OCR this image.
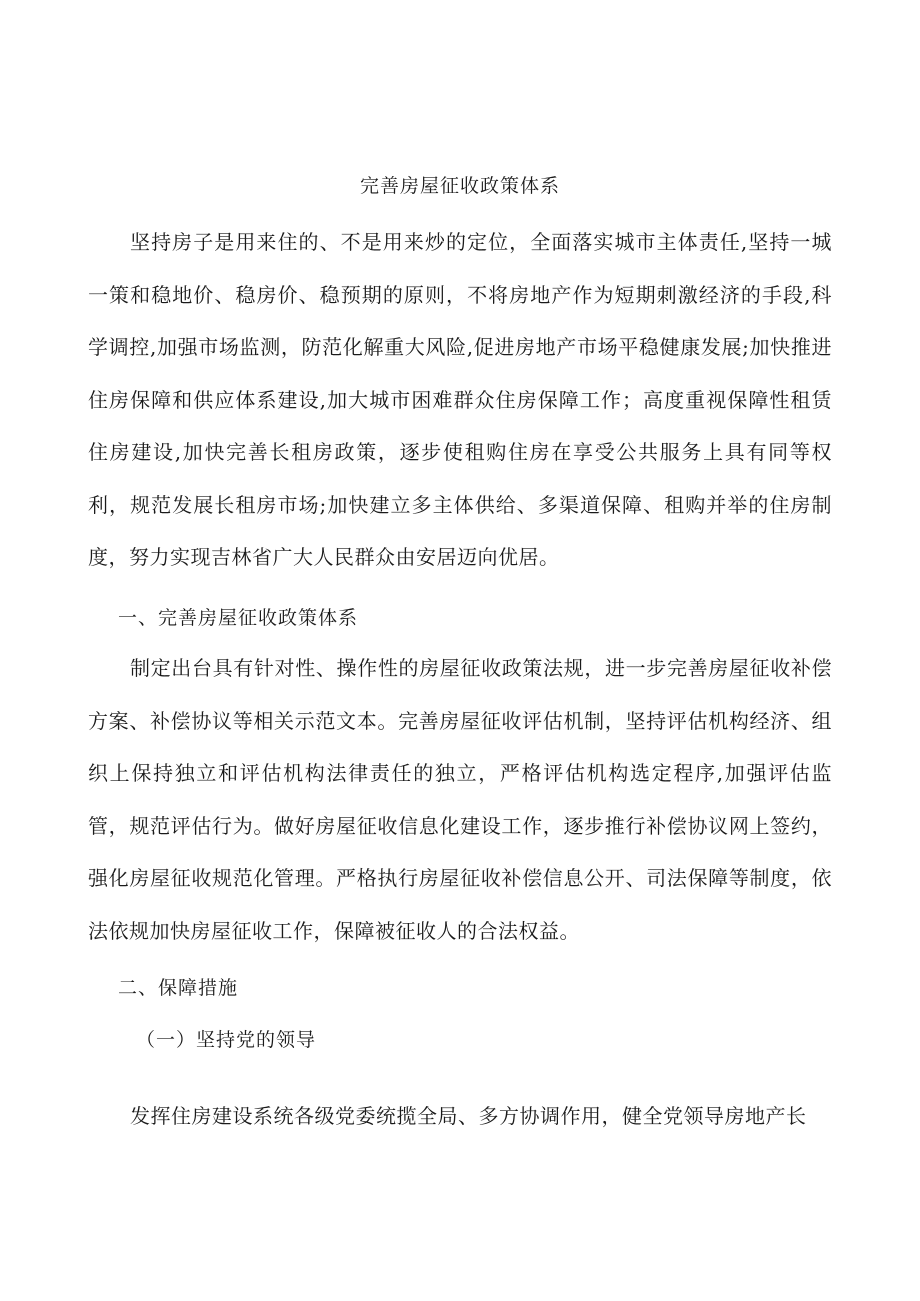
完善房屋征收政策体系

坚持房子是用来住的、不是用来炒的定位，全面落实城市主体责任,坚持一城一策和稳地价、稳房价、稳预期的原则，不将房地产作为短期刺激经济的手段,科学调控,加强市场监测，防范化解重大风险,促进房地产市场平稳健康发展;加快推进住房保障和供应体系建设,加大城市困难群众住房保障工作；高度重视保障性租赁住房建设,加快完善长租房政策，逐步使租购住房在享受公共服务上具有同等权利，规范发展长租房市场;加快建立多主体供给、多渠道保障、租购并举的住房制度，努力实现吉林省广大人民群众由安居迈向优居。

一、完善房屋征收政策体系

制定出台具有针对性、操作性的房屋征收政策法规，进一步完善房屋征收补偿方案、补偿协议等相关示范文本。完善房屋征收评估机制，坚持评估机构经济、组织上保持独立和评估机构法律责任的独立，严格评估机构选定程序,加强评估监管，规范评估行为。做好房屋征收信息化建设工作，逐步推行补偿协议网上签约，强化房屋征收规范化管理。严格执行房屋征收补偿信息公开、司法保障等制度，依法依规加快房屋征收工作，保障被征收人的合法权益。

二、保障措施
（一）坚持党的领导

发挥住房建设系统各级党委统揽全局、多方协调作用，健全党领导房地产长
